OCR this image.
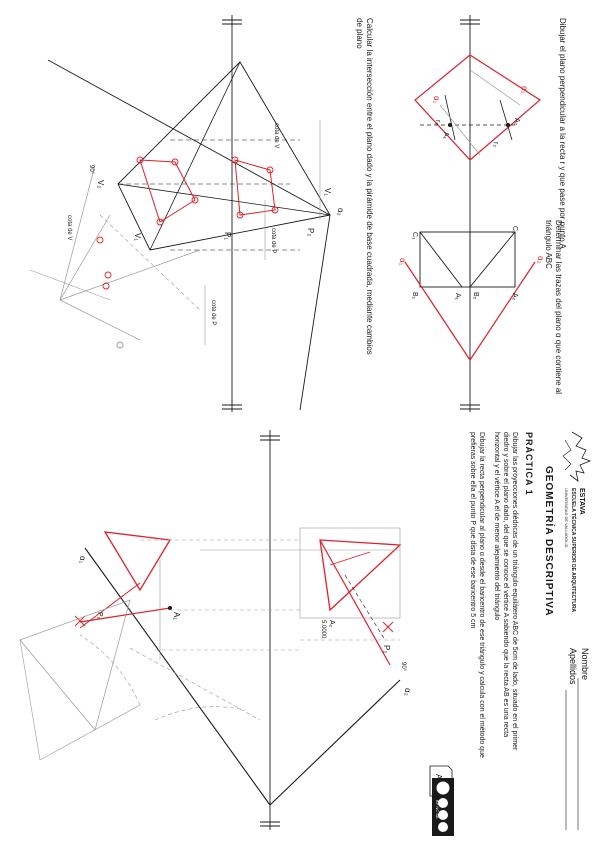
A₂
A₁
r₂
r₁
α₂
α₁
C₁
C₂
B₁	B₂
A₁	A₂
α₁	α₂
V₂
V₁
V₁
P₂
P₁
α₂
cota de V
cota de P
cota de P
cota de V
90°	Dibujar el plano perpendicular a la recta r y que pase por punto A
Determinar las trazas del plano α que contiene al
triángulo ABC
Calcular la intersección entre el plano dado y la pirámide de base cuadrada, mediante cambios
de plano
α₁
α₂
P₂
A₂
5.0000
90°
A₁
P₁
ESTAVA
ESCUELA TÉCNICA SUPERIOR DE ARQUITECTURA
UNIVERSIDAD DE VALLADOLID
GEOMETRÍA DESCRIPTIVA
PRÁCTICA 1
Nombre
Apellidos
Dibujar las proyecciones diédricas de un triángulo equilátero ABC de 5cm de lado, situado en el primer
diedro y sobre el plano dado, del que se conoce el vértice A sabiendo que la recta AB es una recta
horizontal y el vértice A el de menor alejamiento del triángulo
Dibujar la recta perpendicular al plano α desde el baricentro de ese triángulo y calcula con el método que
prefieras sobre ella el punto P que dista de ese baricentro 5 cm
BY NC SA
